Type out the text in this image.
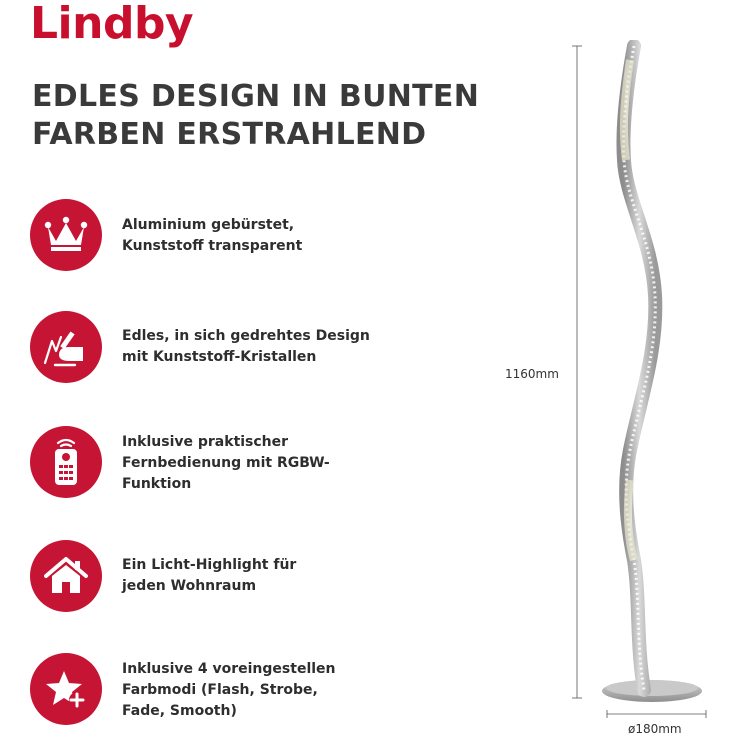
Lindby
EDLES DESIGN IN BUNTEN
FARBEN ERSTRAHLEND
Aluminium gebürstet,
Kunststoff transparent
Edles, in sich gedrehtes Design
mit Kunststoff-Kristallen
Inklusive praktischer
Fernbedienung mit RGBW-
Funktion
Ein Licht-Highlight für
jeden Wohnraum
Inklusive 4 voreingestellen
Farbmodi (Flash, Strobe,
Fade, Smooth)
1160mm
ø180mm
